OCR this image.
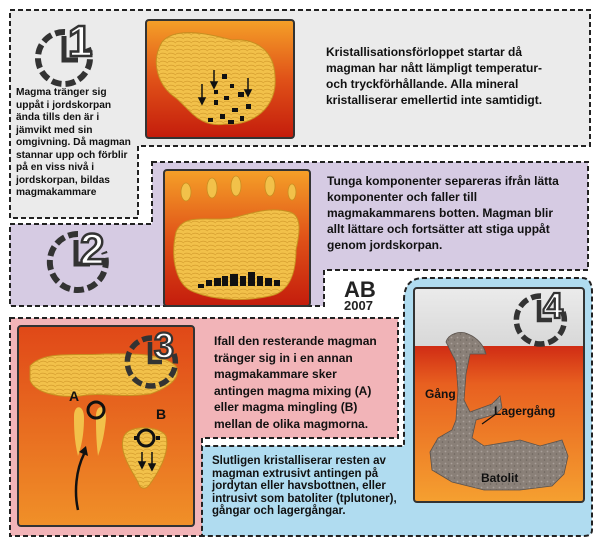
1
2
AB
2007
3
4
Magma tränger sig uppåt i jordskorpan ända tills den är i jämvikt med sin omgivning. Då magman stannar upp och förblir på en viss nivå i jordskorpan, bildas magmakammare
Kristallisationsförloppet startar då magman har nått lämpligt temperatur- och tryckförhållande. Alla mineral kristalliserar emellertid inte samtidigt.
Tunga komponenter separeras ifrån lätta komponenter och faller till magmakammarens botten. Magman blir allt lättare och fortsätter att stiga uppåt genom jordskorpan.
Ifall den resterande magman tränger sig in i en annan magmakammare sker antingen magma mixing (A) eller magma mingling (B) mellan de olika magmorna.
Slutligen kristalliserar resten av magman extrusivt antingen på jordytan eller havsbottnen, eller intrusivt som batoliter (tplutoner), gångar och lagergångar.
A
B
Gång
Lagergång
Batolit
